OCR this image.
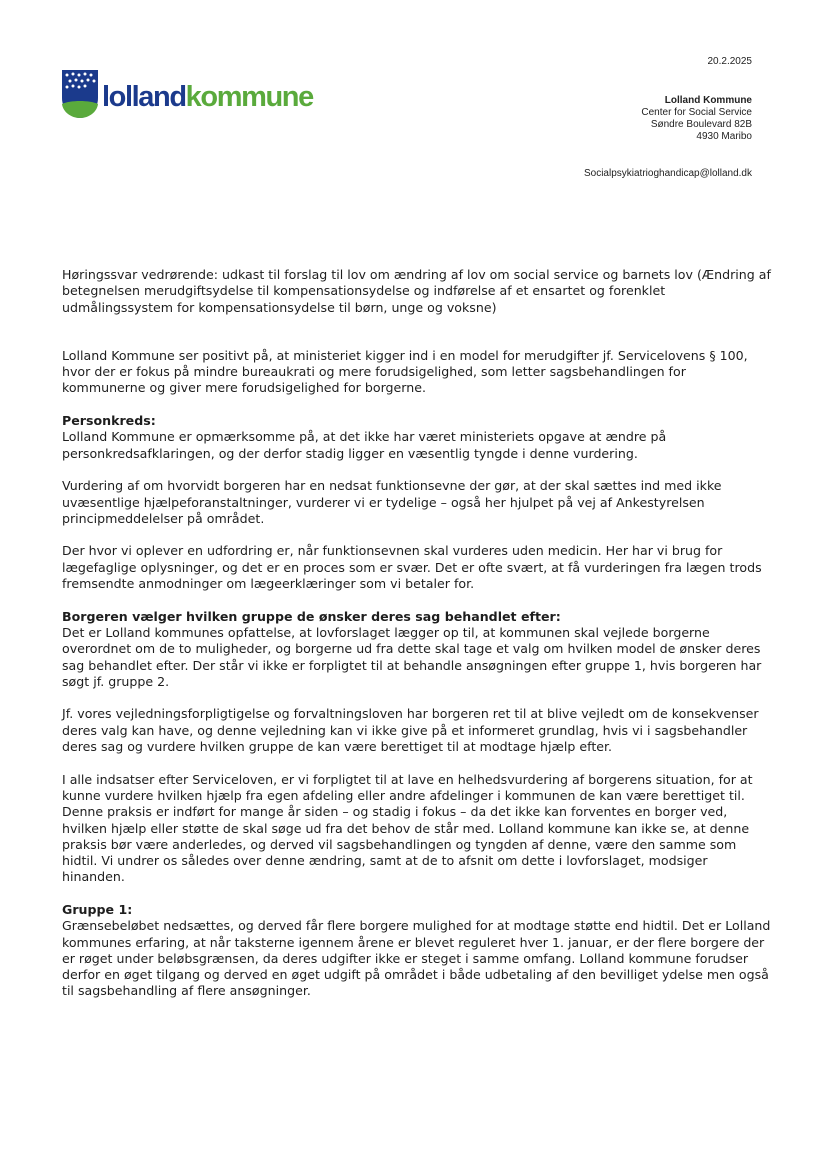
20.2.2025
lollandkommune	Lolland Kommune
Center for Social Service
Søndre Boulevard 82B
4930 Maribo
Socialpsykiatrioghandicap@lolland.dk

Høringssvar vedrørende: udkast til forslag til lov om ændring af lov om social service og barnets lov (Ændring af betegnelsen merudgiftsydelse til kompensationsydelse og indførelse af et ensartet og forenklet udmålingssystem for kompensationsydelse til børn, unge og voksne)

Lolland Kommune ser positivt på, at ministeriet kigger ind i en model for merudgifter jf. Servicelovens § 100, hvor der er fokus på mindre bureaukrati og mere forudsigelighed, som letter sagsbehandlingen for kommunerne og giver mere forudsigelighed for borgerne.

Personkreds:
Lolland Kommune er opmærksomme på, at det ikke har været ministeriets opgave at ændre på personkredsafklaringen, og der derfor stadig ligger en væsentlig tyngde i denne vurdering.

Vurdering af om hvorvidt borgeren har en nedsat funktionsevne der gør, at der skal sættes ind med ikke uvæsentlige hjælpeforanstaltninger, vurderer vi er tydelige – også her hjulpet på vej af Ankestyrelsen principmeddelelser på området.

Der hvor vi oplever en udfordring er, når funktionsevnen skal vurderes uden medicin. Her har vi brug for lægefaglige oplysninger, og det er en proces som er svær. Det er ofte svært, at få vurderingen fra lægen trods fremsendte anmodninger om lægeerklæringer som vi betaler for.

Borgeren vælger hvilken gruppe de ønsker deres sag behandlet efter:
Det er Lolland kommunes opfattelse, at lovforslaget lægger op til, at kommunen skal vejlede borgerne overordnet om de to muligheder, og borgerne ud fra dette skal tage et valg om hvilken model de ønsker deres sag behandlet efter. Der står vi ikke er forpligtet til at behandle ansøgningen efter gruppe 1, hvis borgeren har søgt jf. gruppe 2.

Jf. vores vejledningsforpligtigelse og forvaltningsloven har borgeren ret til at blive vejledt om de konsekvenser deres valg kan have, og denne vejledning kan vi ikke give på et informeret grundlag, hvis vi i sagsbehandler deres sag og vurdere hvilken gruppe de kan være berettiget til at modtage hjælp efter.

I alle indsatser efter Serviceloven, er vi forpligtet til at lave en helhedsvurdering af borgerens situation, for at kunne vurdere hvilken hjælp fra egen afdeling eller andre afdelinger i kommunen de kan være berettiget til. Denne praksis er indført for mange år siden – og stadig i fokus – da det ikke kan forventes en borger ved, hvilken hjælp eller støtte de skal søge ud fra det behov de står med. Lolland kommune kan ikke se, at denne praksis bør være anderledes, og derved vil sagsbehandlingen og tyngden af denne, være den samme som hidtil. Vi undrer os således over denne ændring, samt at de to afsnit om dette i lovforslaget, modsiger hinanden.

Gruppe 1:
Grænsebeløbet nedsættes, og derved får flere borgere mulighed for at modtage støtte end hidtil. Det er Lolland kommunes erfaring, at når taksterne igennem årene er blevet reguleret hver 1. januar, er der flere borgere der er røget under beløbsgrænsen, da deres udgifter ikke er steget i samme omfang. Lolland kommune forudser derfor en øget tilgang og derved en øget udgift på området i både udbetaling af den bevilliget ydelse men også til sagsbehandling af flere ansøgninger.
